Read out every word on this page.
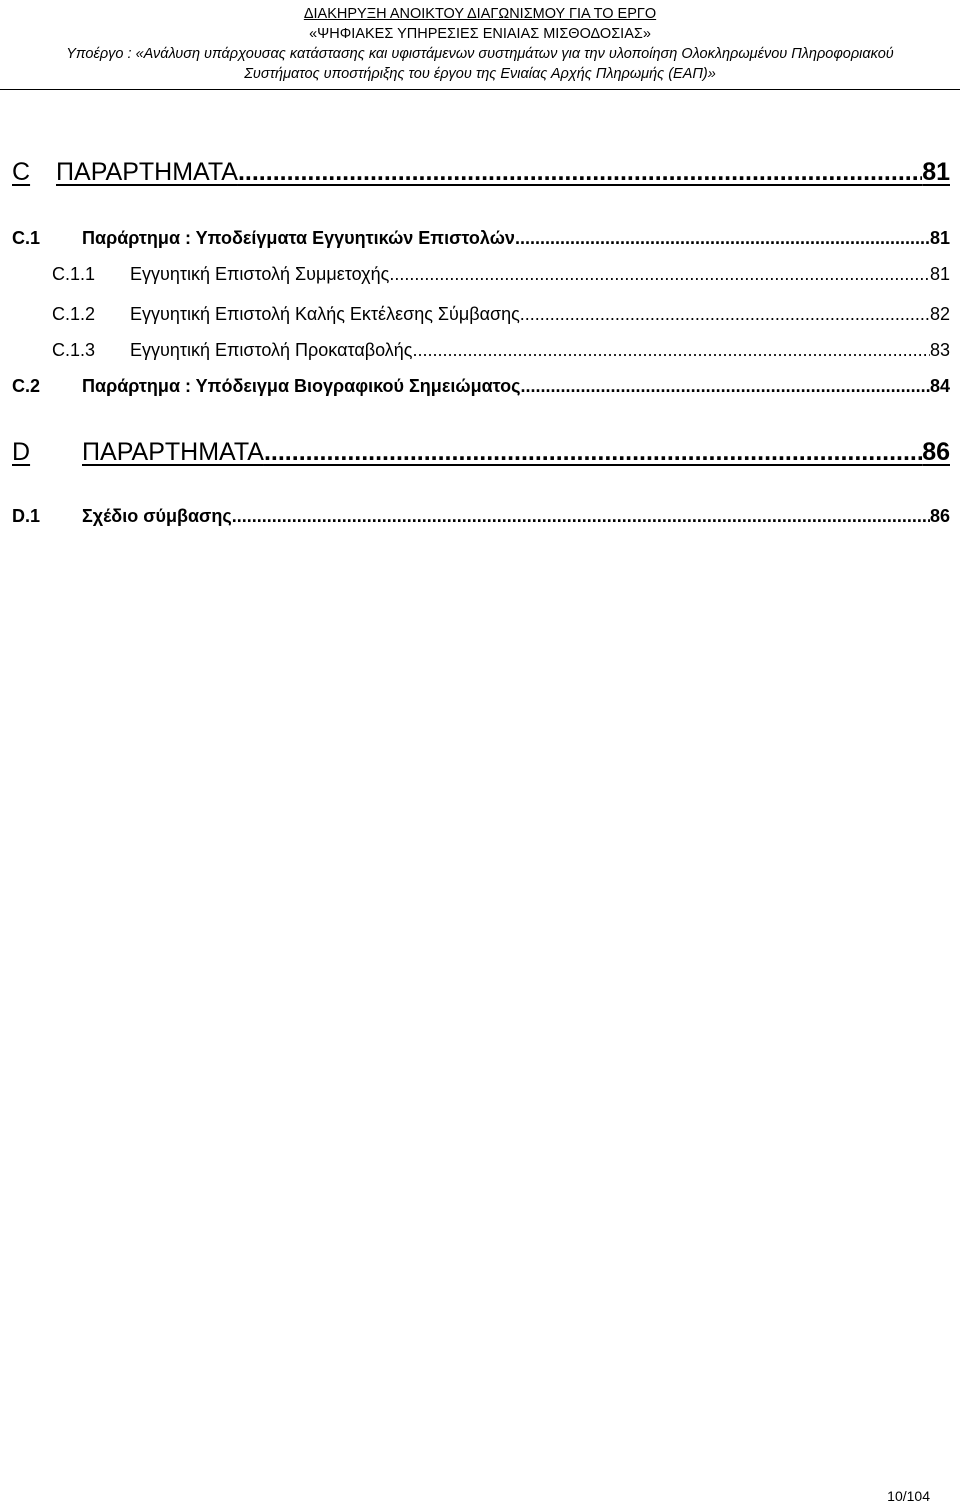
ΔΙΑΚΗΡΥΞΗ ΑΝΟΙΚΤΟΥ ΔΙΑΓΩΝΙΣΜΟΥ ΓΙΑ ΤΟ ΕΡΓΟ
«ΨΗΦΙΑΚΕΣ ΥΠΗΡΕΣΙΕΣ ΕΝΙΑΙΑΣ ΜΙΣΘΟΔΟΣΙΑΣ»
Υποέργο : «Ανάλυση υπάρχουσας κατάστασης και υφιστάμενων συστημάτων για την υλοποίηση Ολοκληρωμένου Πληροφοριακού
Συστήματος υποστήριξης του έργου της Ενιαίας Αρχής Πληρωμής (ΕΑΠ)»
C	ΠΑΡΑΡΤΗΜΑΤΑ .....	81
C.1	Παράρτημα : Υποδείγματα Εγγυητικών Επιστολών .....	81
C.1.1	Εγγυητική Επιστολή Συμμετοχής .....	81
C.1.2	Εγγυητική Επιστολή Καλής Εκτέλεσης Σύμβασης .....	82
C.1.3	Εγγυητική Επιστολή Προκαταβολής .....	83
C.2	Παράρτημα : Υπόδειγμα Βιογραφικού Σημειώματος .....	84
D	ΠΑΡΑΡΤΗΜΑΤΑ .....	86
D.1	Σχέδιο σύμβασης .....	86
10/104
